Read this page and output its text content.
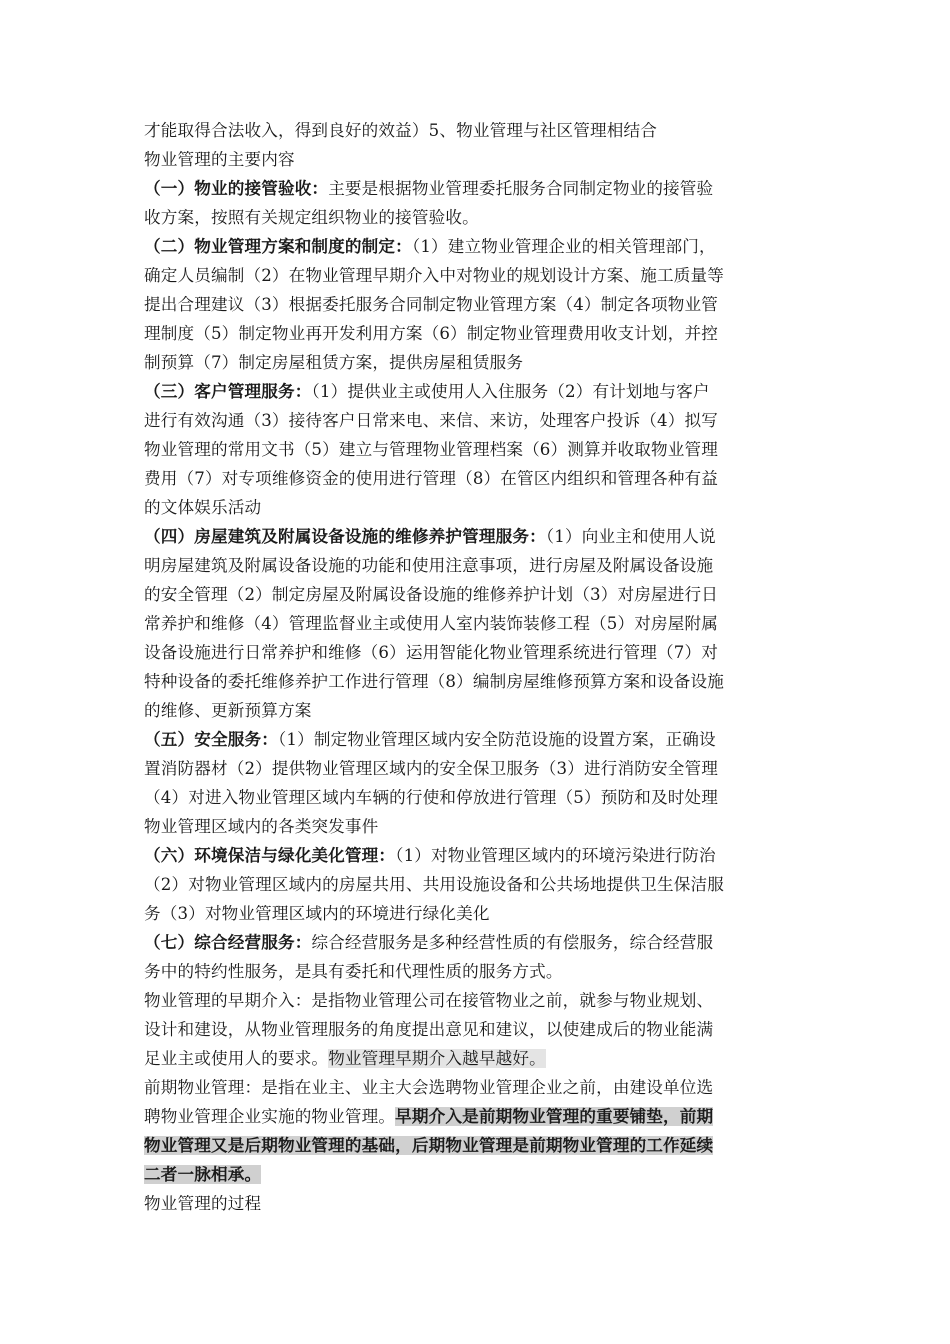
才能取得合法收入，得到良好的效益）5、物业管理与社区管理相结合
物业管理的主要内容
（一）物业的接管验收：主要是根据物业管理委托服务合同制定物业的接管验
收方案，按照有关规定组织物业的接管验收。
（二）物业管理方案和制度的制定：（1）建立物业管理企业的相关管理部门，
确定人员编制（2）在物业管理早期介入中对物业的规划设计方案、施工质量等
提出合理建议（3）根据委托服务合同制定物业管理方案（4）制定各项物业管
理制度（5）制定物业再开发利用方案（6）制定物业管理费用收支计划，并控
制预算（7）制定房屋租赁方案，提供房屋租赁服务
（三）客户管理服务：（1）提供业主或使用人入住服务（2）有计划地与客户
进行有效沟通（3）接待客户日常来电、来信、来访，处理客户投诉（4）拟写
物业管理的常用文书（5）建立与管理物业管理档案（6）测算并收取物业管理
费用（7）对专项维修资金的使用进行管理（8）在管区内组织和管理各种有益
的文体娱乐活动
（四）房屋建筑及附属设备设施的维修养护管理服务：（1）向业主和使用人说
明房屋建筑及附属设备设施的功能和使用注意事项，进行房屋及附属设备设施
的安全管理（2）制定房屋及附属设备设施的维修养护计划（3）对房屋进行日
常养护和维修（4）管理监督业主或使用人室内装饰装修工程（5）对房屋附属
设备设施进行日常养护和维修（6）运用智能化物业管理系统进行管理（7）对
特种设备的委托维修养护工作进行管理（8）编制房屋维修预算方案和设备设施
的维修、更新预算方案
（五）安全服务：（1）制定物业管理区域内安全防范设施的设置方案，正确设
置消防器材（2）提供物业管理区域内的安全保卫服务（3）进行消防安全管理
（4）对进入物业管理区域内车辆的行使和停放进行管理（5）预防和及时处理
物业管理区域内的各类突发事件
（六）环境保洁与绿化美化管理：（1）对物业管理区域内的环境污染进行防治
（2）对物业管理区域内的房屋共用、共用设施设备和公共场地提供卫生保洁服
务（3）对物业管理区域内的环境进行绿化美化
（七）综合经营服务：综合经营服务是多种经营性质的有偿服务，综合经营服
务中的特约性服务，是具有委托和代理性质的服务方式。
物业管理的早期介入：是指物业管理公司在接管物业之前，就参与物业规划、
设计和建设，从物业管理服务的角度提出意见和建议，以使建成后的物业能满
足业主或使用人的要求。物业管理早期介入越早越好。
前期物业管理：是指在业主、业主大会选聘物业管理企业之前，由建设单位选
聘物业管理企业实施的物业管理。早期介入是前期物业管理的重要铺垫，前期
物业管理又是后期物业管理的基础，后期物业管理是前期物业管理的工作延续
二者一脉相承。
物业管理的过程
